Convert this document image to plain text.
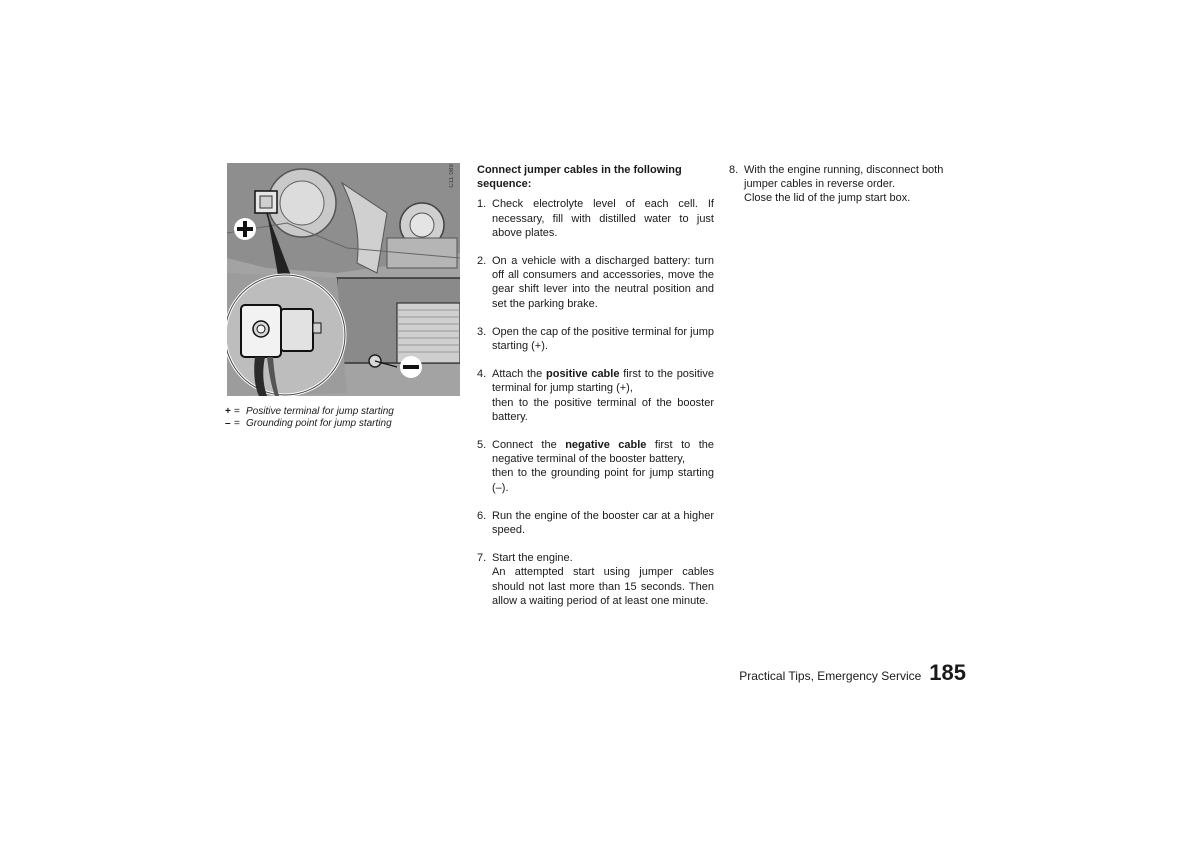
C11 089
+ = Positive terminal for jump starting
– = Grounding point for jump starting
Connect jumper cables in the following sequence:
1. Check electrolyte level of each cell. If necessary, fill with distilled water to just above plates.

2. On a vehicle with a discharged battery: turn off all consumers and accessories, move the gear shift lever into the neutral position and set the parking brake.

3. Open the cap of the positive terminal for jump starting (+).

4. Attach the positive cable first to the positive terminal for jump starting (+),

then to the positive terminal of the booster battery.

5. Connect the negative cable first to the negative terminal of the booster battery,

then to the grounding point for jump starting (–).

6. Run the engine of the booster car at a higher speed.

7. Start the engine.

An attempted start using jumper cables should not last more than 15 seconds. Then allow a waiting period of at least one minute.

8. With the engine running, disconnect both jumper cables in reverse order.

Close the lid of the jump start box.

Practical Tips, Emergency Service 185
